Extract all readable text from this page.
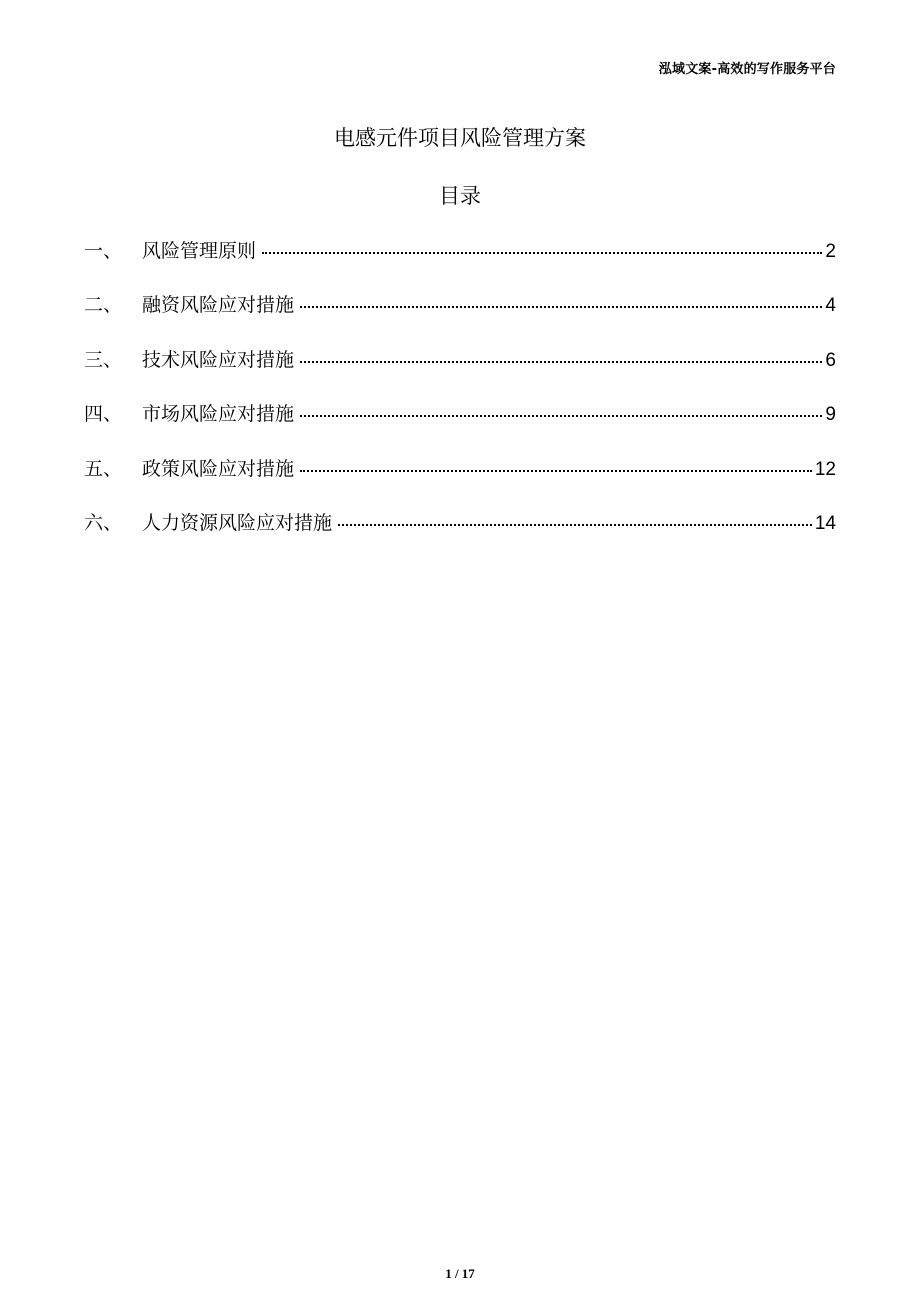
泓域文案-高效的写作服务平台
电感元件项目风险管理方案
目录
一、	风险管理原则	2
二、	融资风险应对措施	4
三、	技术风险应对措施	6
四、	市场风险应对措施	9
五、	政策风险应对措施	12
六、	人力资源风险应对措施	14
1 / 17
